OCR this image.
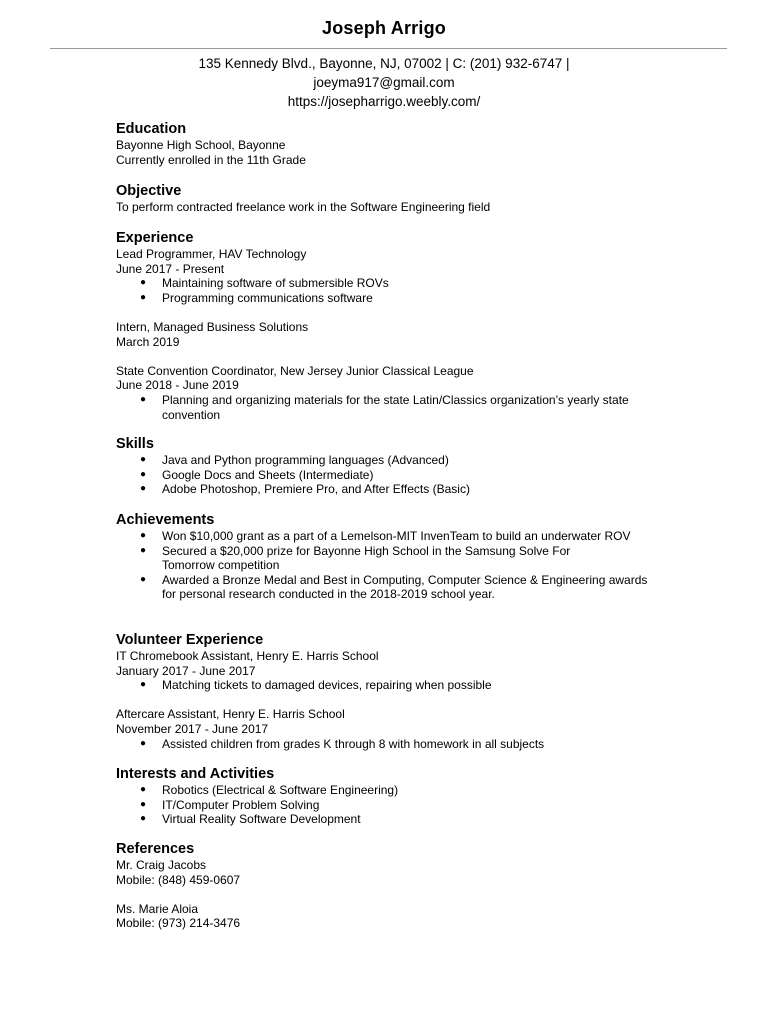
Joseph Arrigo
135 Kennedy Blvd., Bayonne, NJ, 07002 | C: (201) 932-6747 |
joeyma917@gmail.com
https://josepharrigo.weebly.com/
Education
Bayonne High School, Bayonne
Currently enrolled in the 11th Grade
Objective
To perform contracted freelance work in the Software Engineering field
Experience
Lead Programmer, HAV Technology
June 2017 - Present
● Maintaining software of submersible ROVs
● Programming communications software
Intern, Managed Business Solutions
March 2019
State Convention Coordinator, New Jersey Junior Classical League
June 2018 - June 2019
● Planning and organizing materials for the state Latin/Classics organization’s yearly state convention
Skills
● Java and Python programming languages (Advanced)
● Google Docs and Sheets (Intermediate)
● Adobe Photoshop, Premiere Pro, and After Effects (Basic)
Achievements
● Won $10,000 grant as a part of a Lemelson-MIT InvenTeam to build an underwater ROV
● Secured a $20,000 prize for Bayonne High School in the Samsung Solve For Tomorrow competition
● Awarded a Bronze Medal and Best in Computing, Computer Science & Engineering awards for personal research conducted in the 2018-2019 school year.
Volunteer Experience
IT Chromebook Assistant, Henry E. Harris School
January 2017 - June 2017
● Matching tickets to damaged devices, repairing when possible
Aftercare Assistant, Henry E. Harris School
November 2017 - June 2017
● Assisted children from grades K through 8 with homework in all subjects
Interests and Activities
● Robotics (Electrical & Software Engineering)
● IT/Computer Problem Solving
● Virtual Reality Software Development
References
Mr. Craig Jacobs
Mobile: (848) 459-0607
Ms. Marie Aloia
Mobile: (973) 214-3476
